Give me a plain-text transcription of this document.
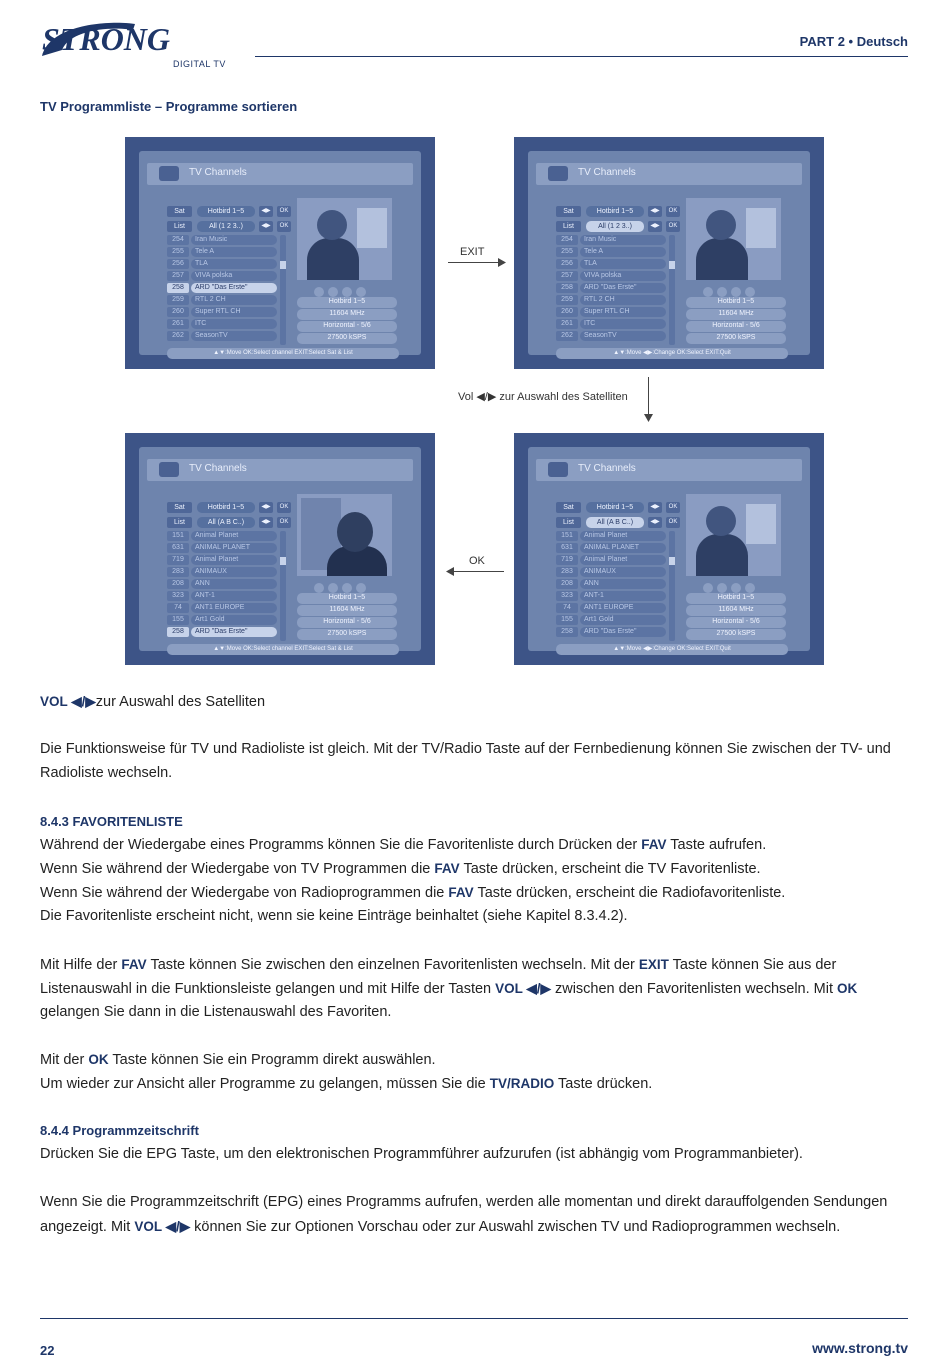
STRONG
DIGITAL TV
PART 2 • Deutsch
TV Programmliste – Programme sortieren
TV Channels
Sat	Hotbird 1~5	◀▶	OK
List	All (1 2 3..)	◀▶	OK
254	Iran Music
255	Tele A
256	TLA
257	VIVA polska
258	ARD "Das Erste"
259	RTL 2 CH
260	Super RTL CH
261	ITC
262	SeasonTV
Hotbird 1~5
11604 MHz
Horizontal - 5/6
27500 kSPS
▲▼:Move OK:Select channel EXIT:Select Sat & List
TV Channels
Sat	Hotbird 1~5	◀▶	OK
List	All (1 2 3..)	◀▶	OK
254	Iran Music
255	Tele A
256	TLA
257	VIVA polska
258	ARD "Das Erste"
259	RTL 2 CH
260	Super RTL CH
261	ITC
262	SeasonTV
Hotbird 1~5
11604 MHz
Horizontal - 5/6
27500 kSPS
▲▼:Move ◀▶:Change OK:Select EXIT:Quit
TV Channels
Sat	Hotbird 1~5	◀▶	OK
List	All (A B C..)	◀▶	OK
151	Animal Planet
631	ANIMAL PLANET
719	Animal Planet
283	ANIMAUX
208	ANN
323	ANT-1
74	ANT1 EUROPE
155	Art1 Gold
258	ARD "Das Erste"
Hotbird 1~5
11604 MHz
Horizontal - 5/6
27500 kSPS
▲▼:Move OK:Select channel EXIT:Select Sat & List
TV Channels
Sat	Hotbird 1~5	◀▶	OK
List	All (A B C..)	◀▶	OK
151	Animal Planet
631	ANIMAL PLANET
719	Animal Planet
283	ANIMAUX
208	ANN
323	ANT-1
74	ANT1 EUROPE
155	Art1 Gold
258	ARD "Das Erste"
Hotbird 1~5
11604 MHz
Horizontal - 5/6
27500 kSPS
▲▼:Move ◀▶:Change OK:Select EXIT:Quit
EXIT
Vol ◀/▶ zur Auswahl des Satelliten
OK
VOL ◀/▶zur Auswahl des Satelliten
Die Funktionsweise für TV und Radioliste ist gleich. Mit der TV/Radio Taste auf der Fernbedienung können Sie zwischen der TV- und
Radioliste wechseln.
8.4.3 FAVORITENLISTE
Während der Wiedergabe eines Programms können Sie die Favoritenliste durch Drücken der FAV Taste aufrufen.
Wenn Sie während der Wiedergabe von TV Programmen die FAV Taste drücken, erscheint die TV Favoritenliste.
Wenn Sie während der Wiedergabe von Radioprogrammen die FAV Taste drücken, erscheint die Radiofavoritenliste.
Die Favoritenliste erscheint nicht, wenn sie keine Einträge beinhaltet (siehe Kapitel 8.3.4.2).
Mit Hilfe der FAV Taste können Sie zwischen den einzelnen Favoritenlisten wechseln. Mit der EXIT Taste können Sie aus der
Listenauswahl in die Funktionsleiste gelangen und mit Hilfe der Tasten VOL ◀/▶ zwischen den Favoritenlisten wechseln. Mit OK
gelangen Sie dann in die Listenauswahl des Favoriten.
Mit der OK Taste können Sie ein Programm direkt auswählen.
Um wieder zur Ansicht aller Programme zu gelangen, müssen Sie die TV/RADIO Taste drücken.
8.4.4 Programmzeitschrift
Drücken Sie die EPG Taste, um den elektronischen Programmführer aufzurufen (ist abhängig vom Programmanbieter).
Wenn Sie die Programmzeitschrift (EPG) eines Programms aufrufen, werden alle momentan und direkt darauffolgenden Sendungen
angezeigt. Mit VOL ◀/▶ können Sie zur Optionen Vorschau oder zur Auswahl zwischen TV und Radioprogrammen wechseln.
22	www.strong.tv
